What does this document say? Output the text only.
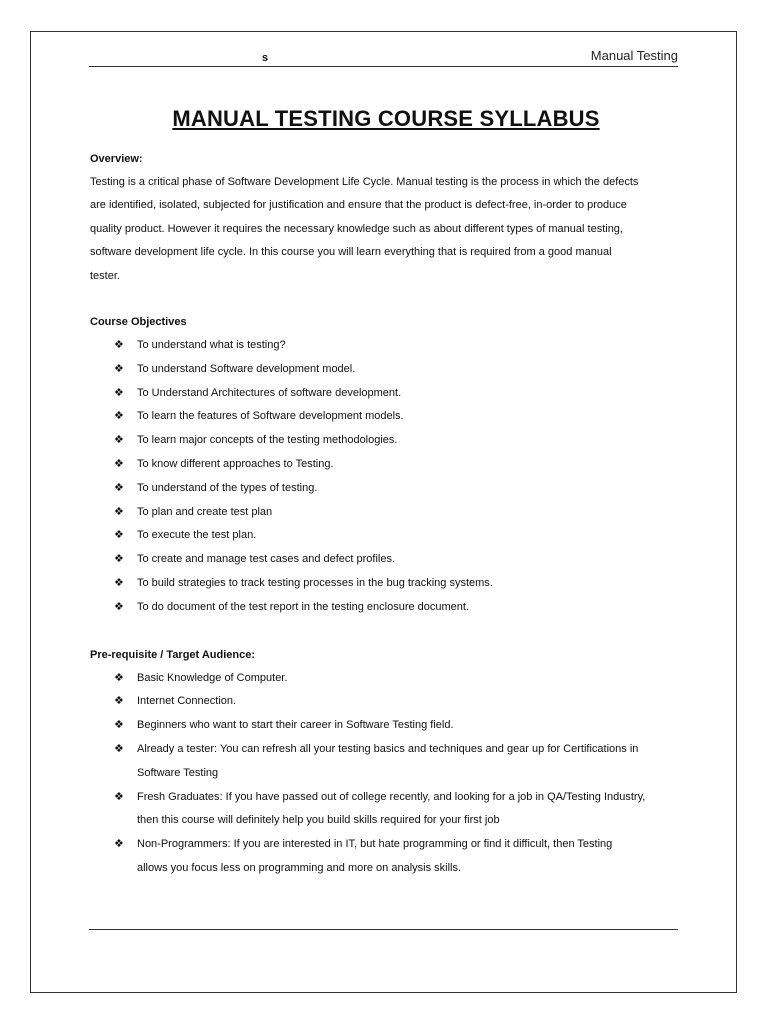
s	Manual Testing
MANUAL TESTING COURSE SYLLABUS

Overview:

Testing is a critical phase of Software Development Life Cycle. Manual testing is the process in which the defects

are identified, isolated, subjected for justification and ensure that the product is defect-free, in-order to produce

quality product. However it requires the necessary knowledge such as about different types of manual testing,

software development life cycle. In this course you will learn everything that is required from a good manual

tester.

Course Objectives

❖ To understand what is testing?
❖ To understand Software development model.
❖ To Understand Architectures of software development.
❖ To learn the features of Software development models.
❖ To learn major concepts of the testing methodologies.
❖ To know different approaches to Testing.
❖ To understand of the types of testing.
❖ To plan and create test plan
❖ To execute the test plan.
❖ To create and manage test cases and defect profiles.
❖ To build strategies to track testing processes in the bug tracking systems.
❖ To do document of the test report in the testing enclosure document.

Pre-requisite / Target Audience:

❖ Basic Knowledge of Computer.
❖ Internet Connection.
❖ Beginners who want to start their career in Software Testing field.
❖ Already a tester: You can refresh all your testing basics and techniques and gear up for Certifications in
Software Testing
❖ Fresh Graduates: If you have passed out of college recently, and looking for a job in QA/Testing Industry,
then this course will definitely help you build skills required for your first job
❖ Non-Programmers: If you are interested in IT, but hate programming or find it difficult, then Testing
allows you focus less on programming and more on analysis skills.
